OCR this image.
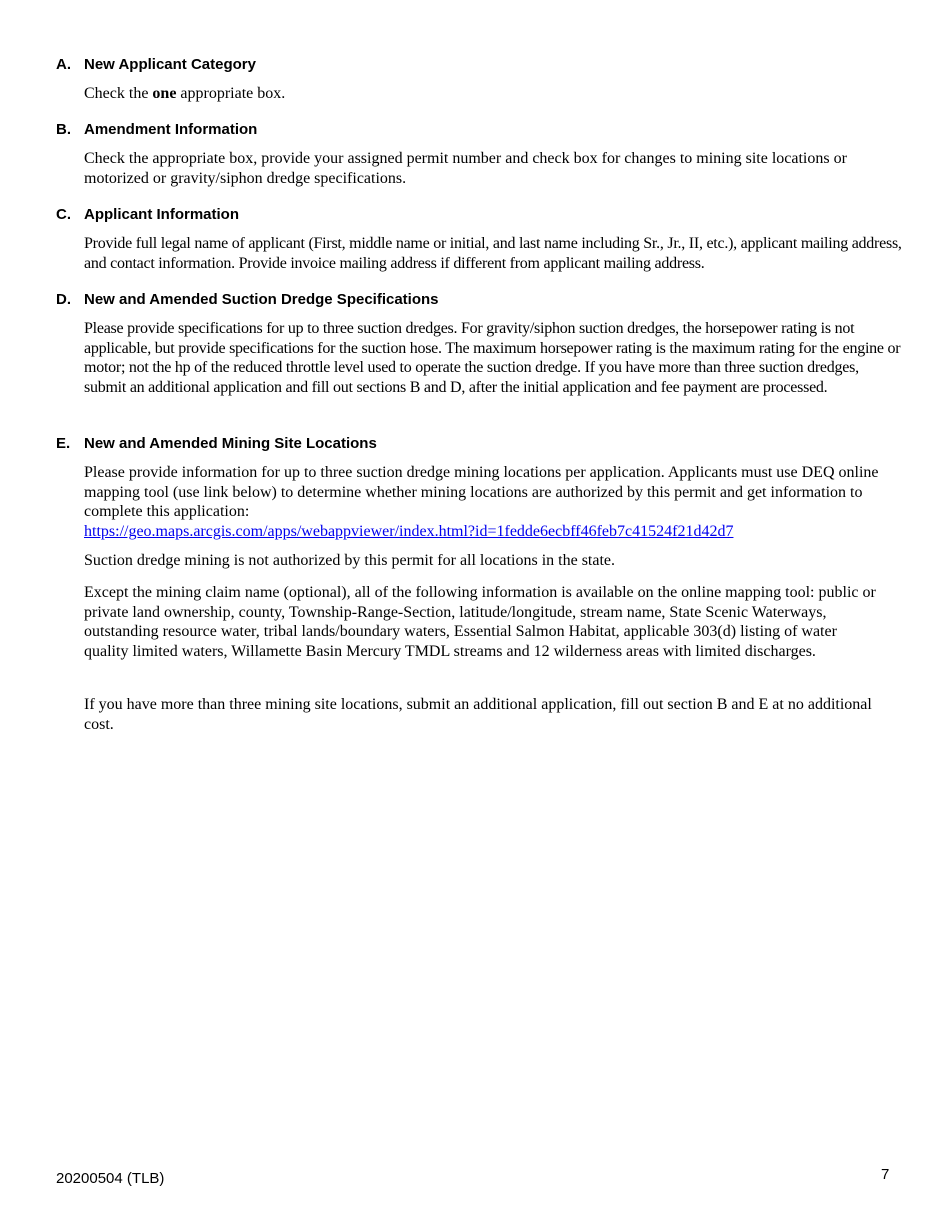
A. New Applicant Category
Check the one appropriate box.
B. Amendment Information
Check the appropriate box, provide your assigned permit number and check box for changes to mining site locations or motorized or gravity/siphon dredge specifications.
C. Applicant Information
Provide full legal name of applicant (First, middle name or initial, and last name including Sr., Jr., II, etc.), applicant mailing address, and contact information. Provide invoice mailing address if different from applicant mailing address.
D. New and Amended Suction Dredge Specifications
Please provide specifications for up to three suction dredges. For gravity/siphon suction dredges, the horsepower rating is not applicable, but provide specifications for the suction hose. The maximum horsepower rating is the maximum rating for the engine or motor; not the hp of the reduced throttle level used to operate the suction dredge. If you have more than three suction dredges, submit an additional application and fill out sections B and D, after the initial application and fee payment are processed.
E. New and Amended Mining Site Locations
Please provide information for up to three suction dredge mining locations per application. Applicants must use DEQ online mapping tool (use link below) to determine whether mining locations are authorized by this permit and get information to complete this application:
https://geo.maps.arcgis.com/apps/webappviewer/index.html?id=1fedde6ecbff46feb7c41524f21d42d7
Suction dredge mining is not authorized by this permit for all locations in the state.
Except the mining claim name (optional), all of the following information is available on the online mapping tool: public or private land ownership, county, Township-Range-Section, latitude/longitude, stream name, State Scenic Waterways, outstanding resource water, tribal lands/boundary waters, Essential Salmon Habitat, applicable 303(d) listing of water quality limited waters, Willamette Basin Mercury TMDL streams and 12 wilderness areas with limited discharges.
If you have more than three mining site locations, submit an additional application, fill out section B and E at no additional cost.
20200504 (TLB)	7
